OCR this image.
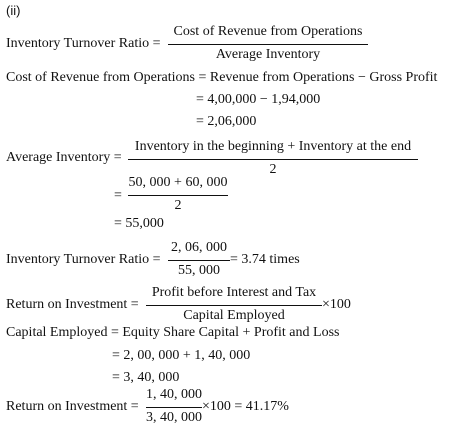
(ii)
Inventory Turnover Ratio =
Cost of Revenue from Operations
Average Inventory
Cost of Revenue from Operations = Revenue from Operations − Gross Profit
= 4,00,000 − 1,94,000
= 2,06,000
Average Inventory =
Inventory in the beginning + Inventory at the end
2
=
50, 000 + 60, 000
2
= 55,000
Inventory Turnover Ratio =
2, 06, 000
55, 000
= 3.74 times
Return on Investment =
Profit before Interest and Tax
Capital Employed
×100
Capital Employed = Equity Share Capital + Profit and Loss
= 2, 00, 000 + 1, 40, 000
= 3, 40, 000
Return on Investment =
1, 40, 000
3, 40, 000
×100 = 41.17%
